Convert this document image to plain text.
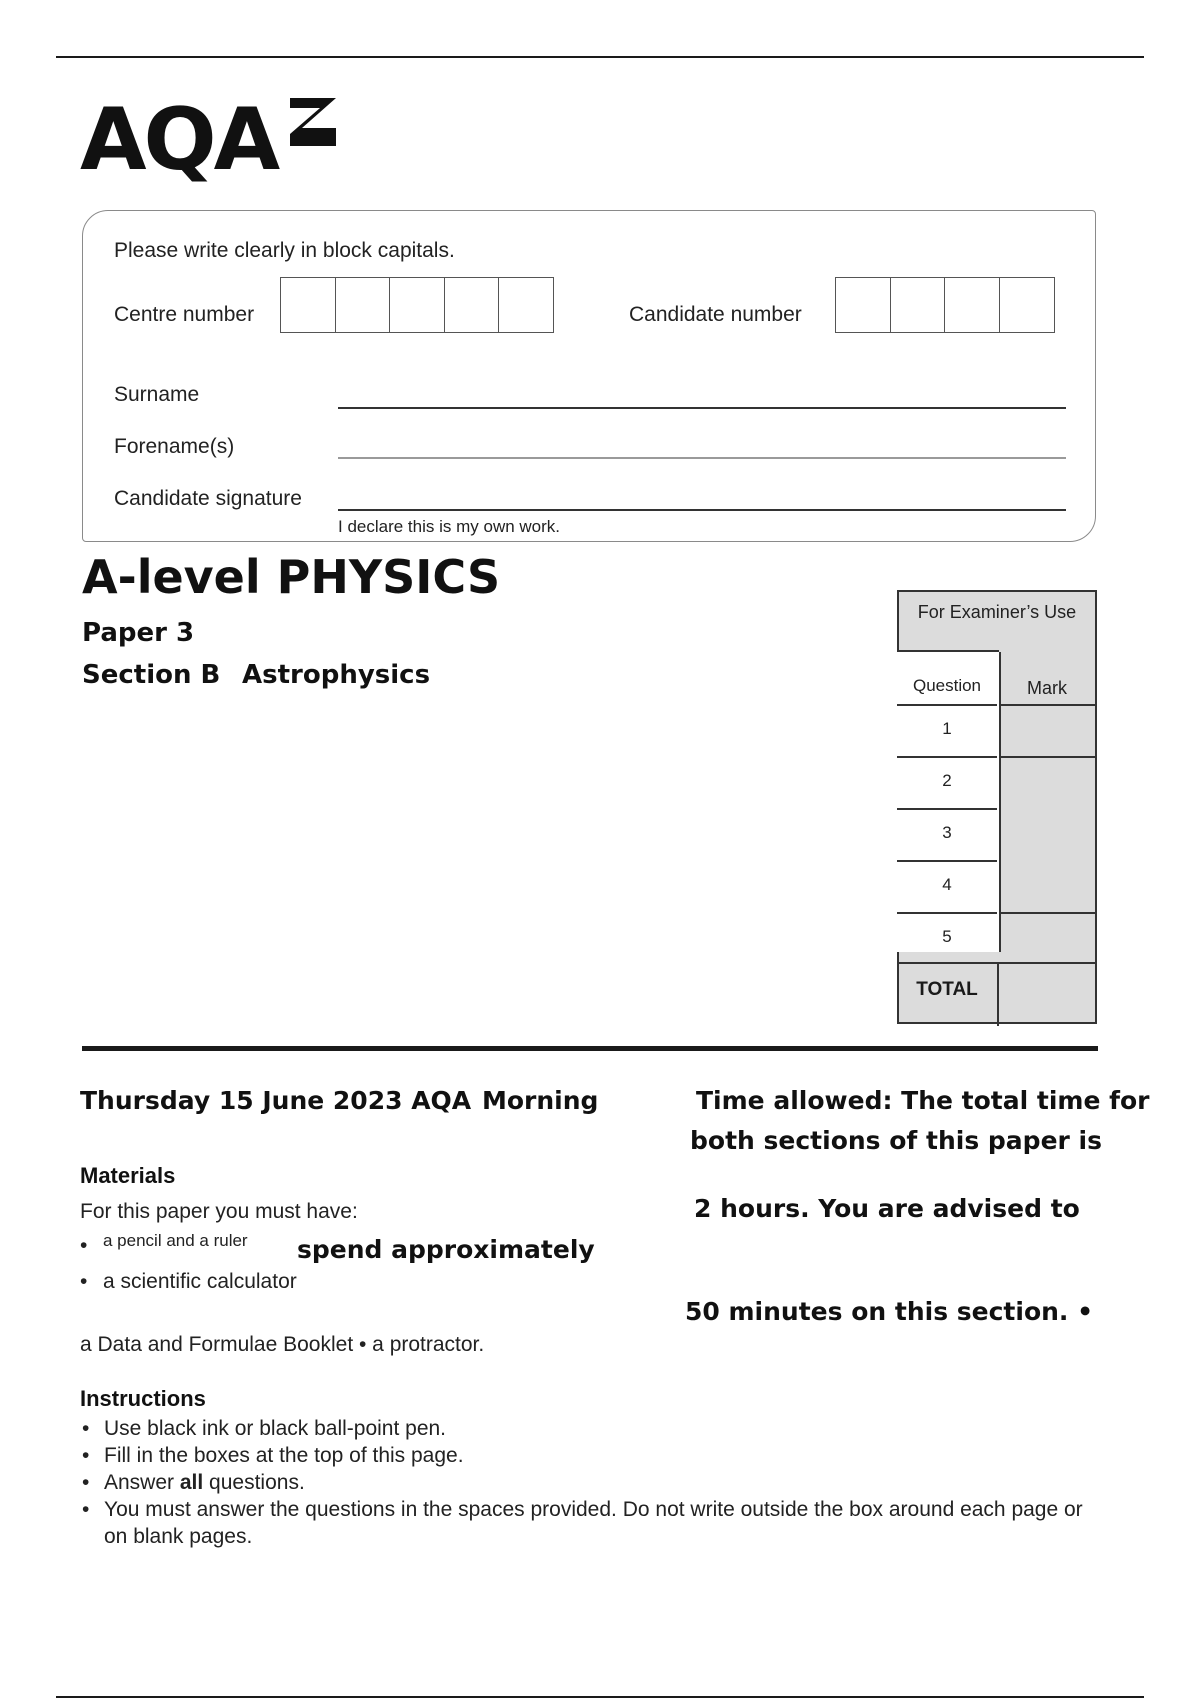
AQA
Please write clearly in block capitals.
Centre number	Candidate number
Surname
Forename(s)
Candidate signature
I declare this is my own work.
A-level PHYSICS
Paper 3
Section B Astrophysics
For Examiner’s Use
Question
1
2
3
4
5
Mark
TOTAL
Thursday 15 June 2023 AQA Morning	Time allowed: The total time for
both sections of this paper is
2 hours. You are advised to
spend approximately
50 minutes on this section. •
Materials
For this paper you must have:
• a pencil and a ruler
• a scientific calculator
a Data and Formulae Booklet • a protractor.
Instructions
• Use black ink or black ball-point pen.
• Fill in the boxes at the top of this page.
• Answer all questions.
• You must answer the questions in the spaces provided. Do not write outside the box around each page or on blank pages.
